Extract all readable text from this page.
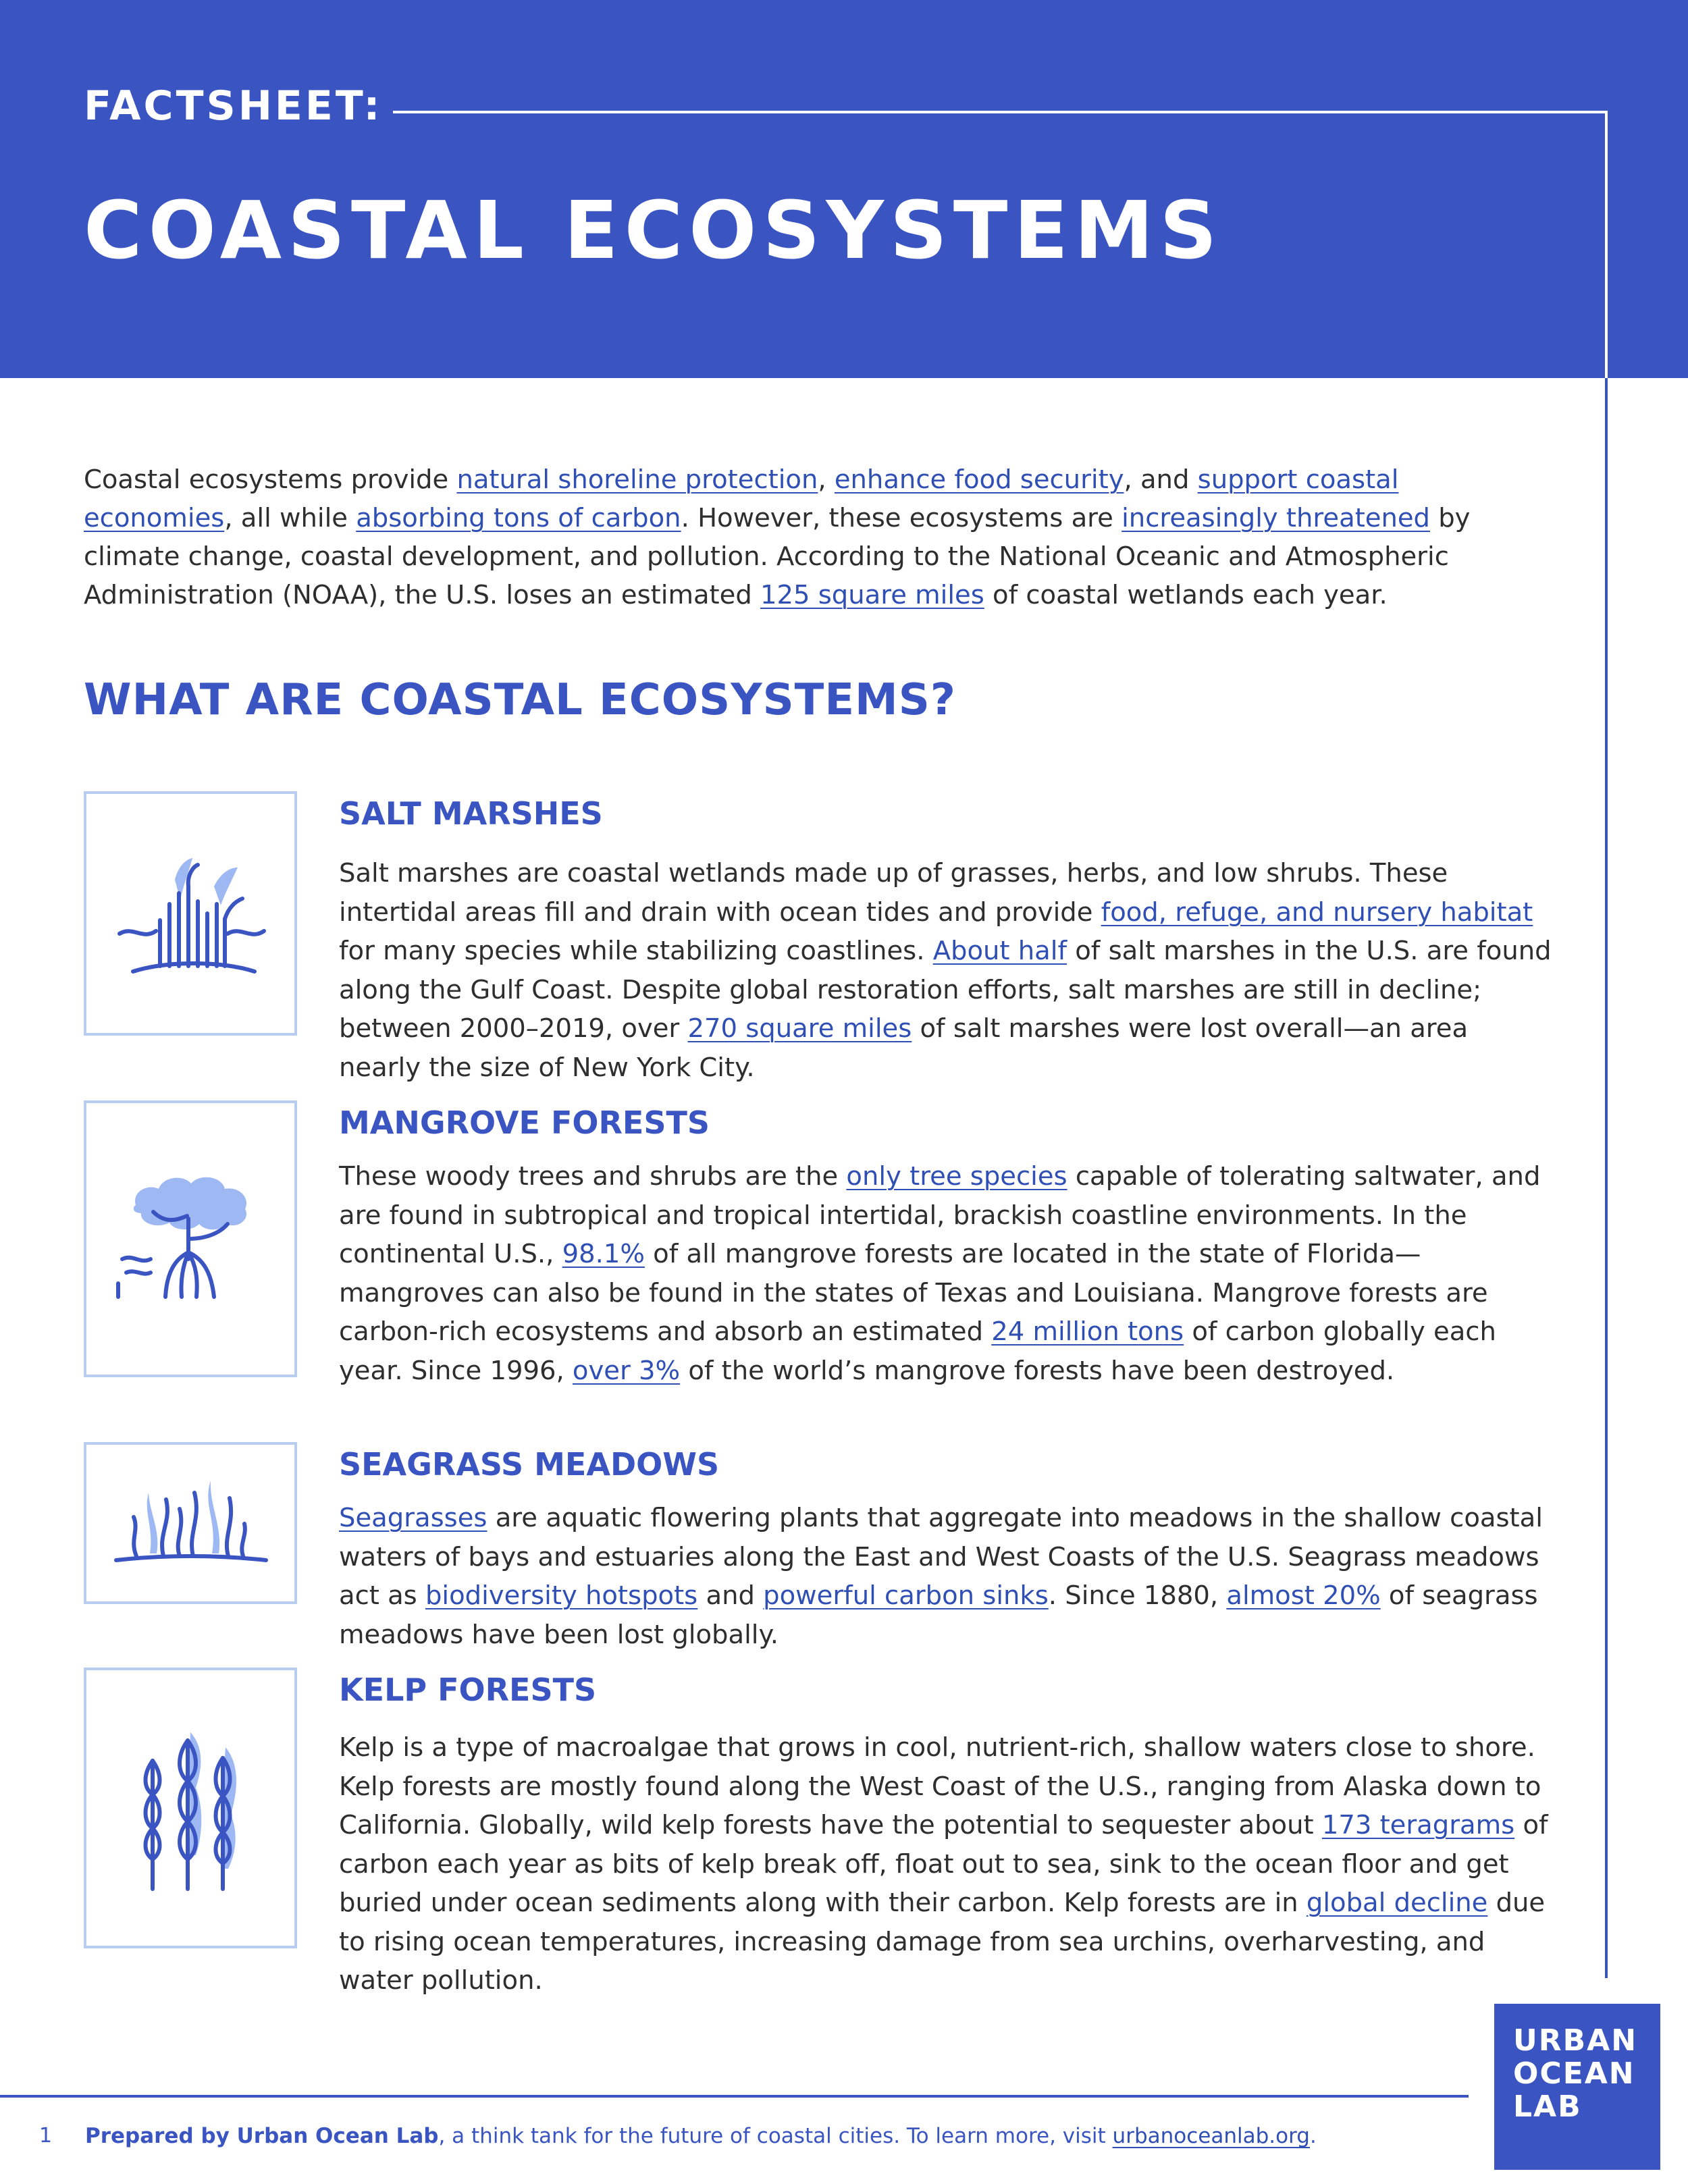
FACTSHEET:
COASTAL ECOSYSTEMS
Coastal ecosystems provide natural shoreline protection, enhance food security, and support coastal economies, all while absorbing tons of carbon. However, these ecosystems are increasingly threatened by climate change, coastal development, and pollution. According to the National Oceanic and Atmospheric Administration (NOAA), the U.S. loses an estimated 125 square miles of coastal wetlands each year.
WHAT ARE COASTAL ECOSYSTEMS?
SALT MARSHES
Salt marshes are coastal wetlands made up of grasses, herbs, and low shrubs. These intertidal areas fill and drain with ocean tides and provide food, refuge, and nursery habitat for many species while stabilizing coastlines. About half of salt marshes in the U.S. are found along the Gulf Coast. Despite global restoration efforts, salt marshes are still in decline; between 2000–2019, over 270 square miles of salt marshes were lost overall—an area nearly the size of New York City.
MANGROVE FORESTS
These woody trees and shrubs are the only tree species capable of tolerating saltwater, and are found in subtropical and tropical intertidal, brackish coastline environments. In the continental U.S., 98.1% of all mangrove forests are located in the state of Florida—mangroves can also be found in the states of Texas and Louisiana. Mangrove forests are carbon-rich ecosystems and absorb an estimated 24 million tons of carbon globally each year. Since 1996, over 3% of the world’s mangrove forests have been destroyed.
SEAGRASS MEADOWS
Seagrasses are aquatic flowering plants that aggregate into meadows in the shallow coastal waters of bays and estuaries along the East and West Coasts of the U.S. Seagrass meadows act as biodiversity hotspots and powerful carbon sinks. Since 1880, almost 20% of seagrass meadows have been lost globally.
KELP FORESTS
Kelp is a type of macroalgae that grows in cool, nutrient-rich, shallow waters close to shore. Kelp forests are mostly found along the West Coast of the U.S., ranging from Alaska down to California. Globally, wild kelp forests have the potential to sequester about 173 teragrams of carbon each year as bits of kelp break off, float out to sea, sink to the ocean floor and get buried under ocean sediments along with their carbon. Kelp forests are in global decline due to rising ocean temperatures, increasing damage from sea urchins, overharvesting, and water pollution.
URBAN
OCEAN
LAB
1 Prepared by Urban Ocean Lab, a think tank for the future of coastal cities. To learn more, visit urbanoceanlab.org.
